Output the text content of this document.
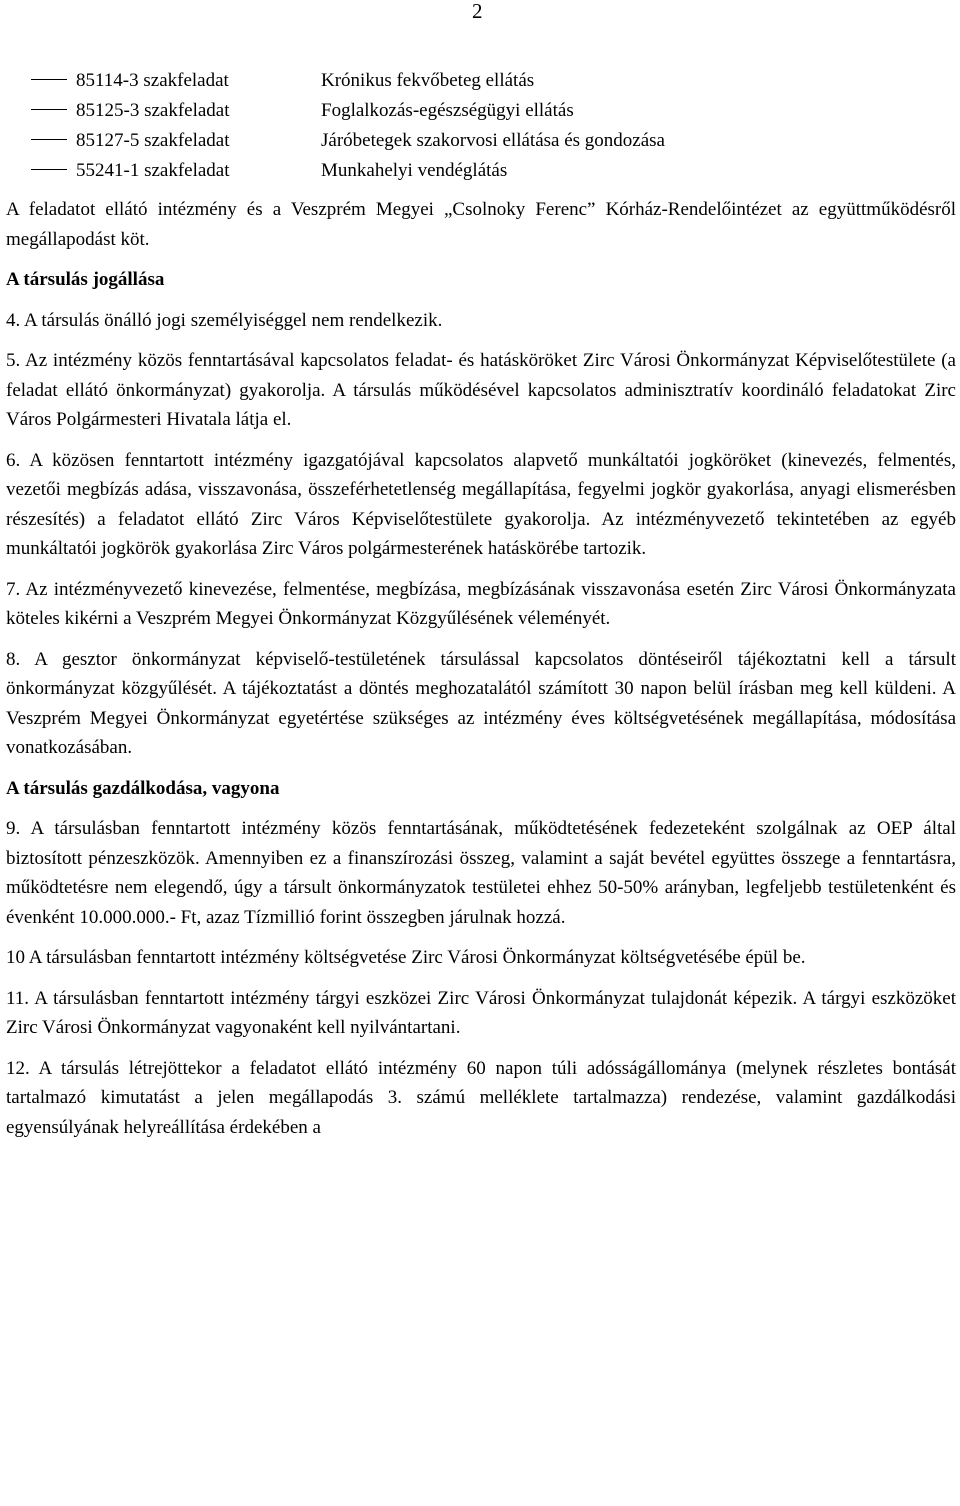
2
85114-3 szakfeladat	Krónikus fekvőbeteg ellátás
85125-3 szakfeladat	Foglalkozás-egészségügyi ellátás
85127-5 szakfeladat	Járóbetegek szakorvosi ellátása és gondozása
55241-1 szakfeladat	Munkahelyi vendéglátás

A feladatot ellátó intézmény és a Veszprém Megyei „Csolnoky Ferenc” Kórház-Rendelőintézet az együttműködésről megállapodást köt.

A társulás jogállása

4. A társulás önálló jogi személyiséggel nem rendelkezik.

5. Az intézmény közös fenntartásával kapcsolatos feladat- és hatásköröket Zirc Városi Önkormányzat Képviselőtestülete (a feladat ellátó önkormányzat) gyakorolja. A társulás működésével kapcsolatos adminisztratív koordináló feladatokat Zirc Város Polgármesteri Hivatala látja el.

6. A közösen fenntartott intézmény igazgatójával kapcsolatos alapvető munkáltatói jogköröket (kinevezés, felmentés, vezetői megbízás adása, visszavonása, összeférhetetlenség megállapítása, fegyelmi jogkör gyakorlása, anyagi elismerésben részesítés) a feladatot ellátó Zirc Város Képviselőtestülete gyakorolja. Az intézményvezető tekintetében az egyéb munkáltatói jogkörök gyakorlása Zirc Város polgármesterének hatáskörébe tartozik.

7. Az intézményvezető kinevezése, felmentése, megbízása, megbízásának visszavonása esetén Zirc Városi Önkormányzata köteles kikérni a Veszprém Megyei Önkormányzat Közgyűlésének véleményét.

8. A gesztor önkormányzat képviselő-testületének társulással kapcsolatos döntéseiről tájékoztatni kell a társult önkormányzat közgyűlését. A tájékoztatást a döntés meghozatalától számított 30 napon belül írásban meg kell küldeni. A Veszprém Megyei Önkormányzat egyetértése szükséges az intézmény éves költségvetésének megállapítása, módosítása vonatkozásában.

A társulás gazdálkodása, vagyona

9. A társulásban fenntartott intézmény közös fenntartásának, működtetésének fedezeteként szolgálnak az OEP által biztosított pénzeszközök. Amennyiben ez a finanszírozási összeg, valamint a saját bevétel együttes összege a fenntartásra, működtetésre nem elegendő, úgy a társult önkormányzatok testületei ehhez 50-50% arányban, legfeljebb testületenként és évenként 10.000.000.- Ft, azaz Tízmillió forint összegben járulnak hozzá.

10 A társulásban fenntartott intézmény költségvetése Zirc Városi Önkormányzat költségvetésébe épül be.

11. A társulásban fenntartott intézmény tárgyi eszközei Zirc Városi Önkormányzat tulajdonát képezik. A tárgyi eszközöket Zirc Városi Önkormányzat vagyonaként kell nyilvántartani.

12. A társulás létrejöttekor a feladatot ellátó intézmény 60 napon túli adósságállománya (melynek részletes bontását tartalmazó kimutatást a jelen megállapodás 3. számú melléklete tartalmazza) rendezése, valamint gazdálkodási egyensúlyának helyreállítása érdekében a
